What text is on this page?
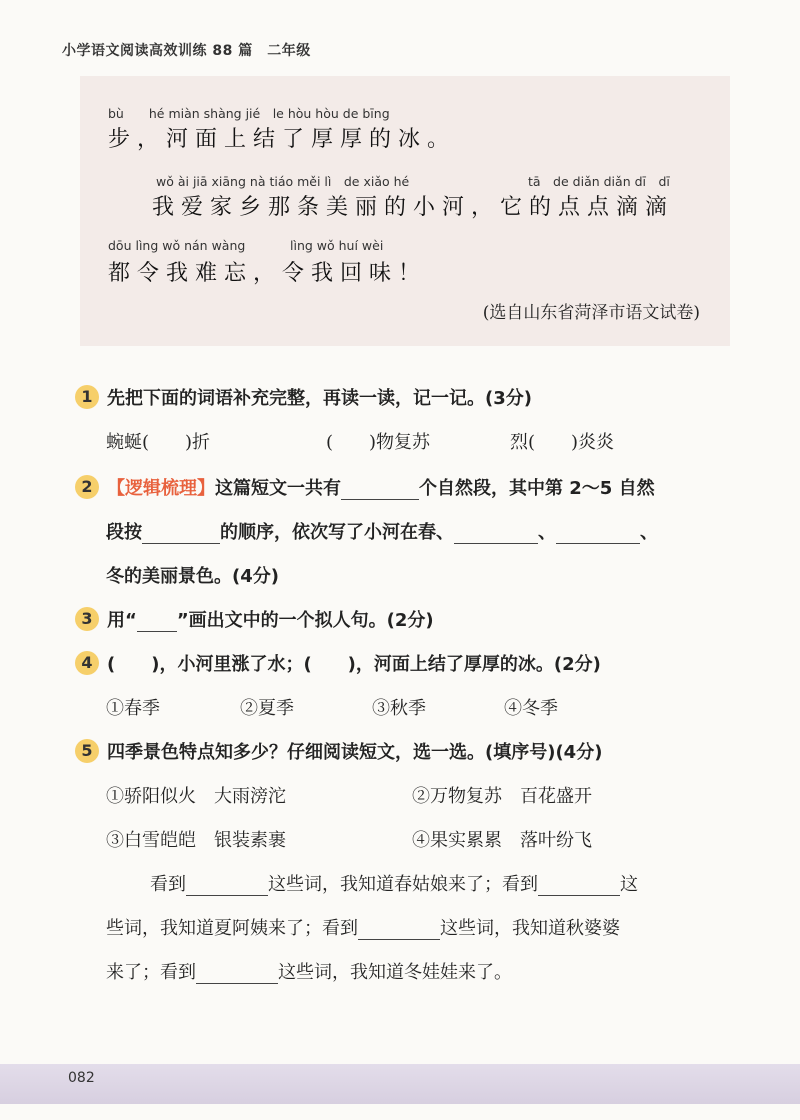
小学语文阅读高效训练 88 篇　二年级
bù　　hé miàn shàng jié　le hòu hòu de bīng
步，河面上结了厚厚的冰。
wǒ ài jiā xiāng nà tiáo měi lì　de xiǎo hé	tā　de diǎn diǎn dī　dī
我爱家乡那条美丽的小河，它的点点滴滴
dōu lìng wǒ nán wàng	lìng wǒ huí wèi
都令我难忘，令我回味！
(选自山东省菏泽市语文试卷)
1 先把下面的词语补充完整，再读一读，记一记。(3分)
蜿蜒(　　)折	(　　)物复苏	烈(　　)炎炎
2 【逻辑梳理】这篇短文一共有	个自然段，其中第 2～5 自然
段按	的顺序，依次写了小河在春、	、	、
冬的美丽景色。(4分)
3 用“ ”画出文中的一个拟人句。(2分)
4 (　　)，小河里涨了水；(　　)，河面上结了厚厚的冰。(2分)
①春季	②夏季	③秋季	④冬季
5 四季景色特点知多少？仔细阅读短文，选一选。(填序号)(4分)
①骄阳似火　大雨滂沱	②万物复苏　百花盛开
③白雪皑皑　银装素裹	④果实累累　落叶纷飞
看到	这些词，我知道春姑娘来了；看到	这
些词，我知道夏阿姨来了；看到	这些词，我知道秋婆婆
来了；看到	这些词，我知道冬娃娃来了。
082
